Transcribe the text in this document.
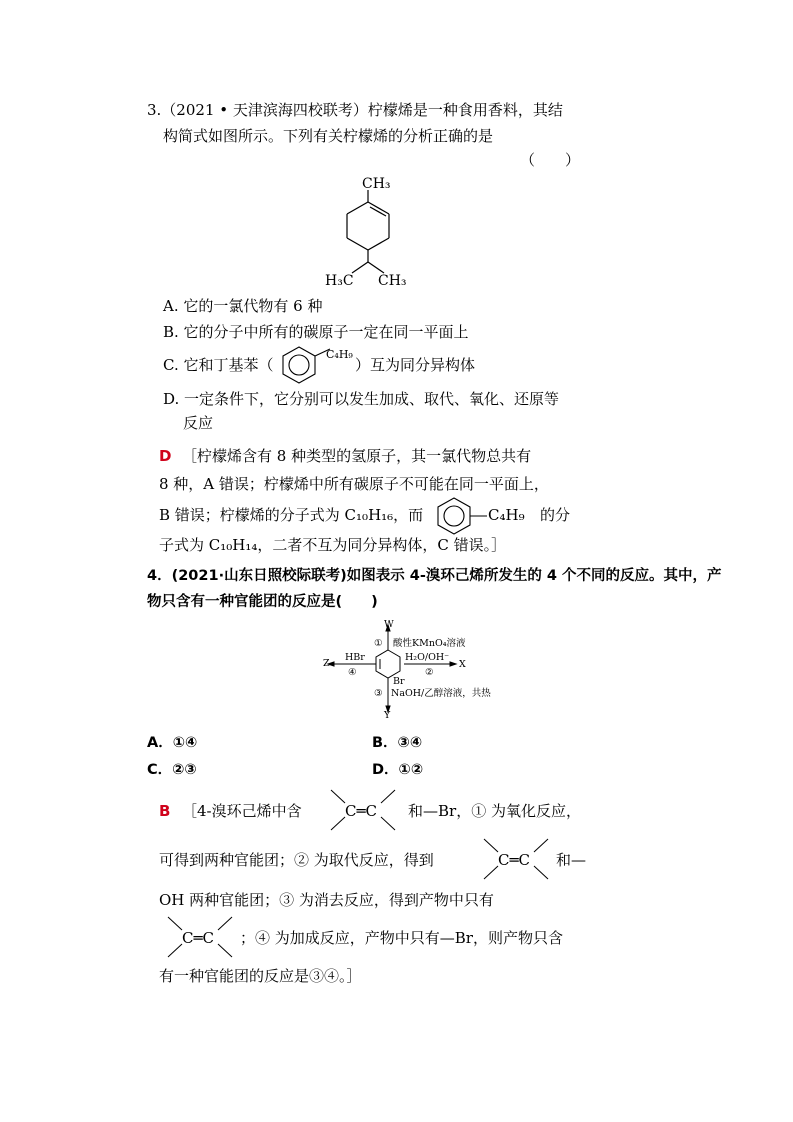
3.（2021 • 天津滨海四校联考）柠檬烯是一种食用香料，其结
构简式如图所示。下列有关柠檬烯的分析正确的是
（　　）
CH₃
H₃C CH₃
A. 它的一氯代物有 6 种
B. 它的分子中所有的碳原子一定在同一平面上
C. 它和丁基苯（
C₄H₉
）互为同分异构体
D. 一定条件下，它分别可以发生加成、取代、氧化、还原等
反应
D ［柠檬烯含有 8 种类型的氢原子，其一氯代物总共有
8 种，A 错误；柠檬烯中所有碳原子不可能在同一平面上，
B 错误；柠檬烯的分子式为 C₁₀H₁₆，而	C₄H₉ 的分
子式为 C₁₀H₁₄，二者不互为同分异构体，C 错误。］
4．(2021·山东日照校际联考)如图表示 4-溴环己烯所发生的 4 个不同的反应。其中，产
物只含有一种官能团的反应是(　　)
W
① 酸性KMnO₄溶液
Z
HBr
④
H₂O/OH⁻
X
Br
②
③ NaOH/乙醇溶液，共热
Y
A．①④	B．③④
C．②③	D．①②
B ［4-溴环己烯中含	C═C 和—Br，① 为氧化反应，
可得到两种官能团；② 为取代反应，得到	C═C 和—
OH 两种官能团；③ 为消去反应，得到产物中只有
C═C ；④ 为加成反应，产物中只有—Br，则产物只含
有一种官能团的反应是③④。］
